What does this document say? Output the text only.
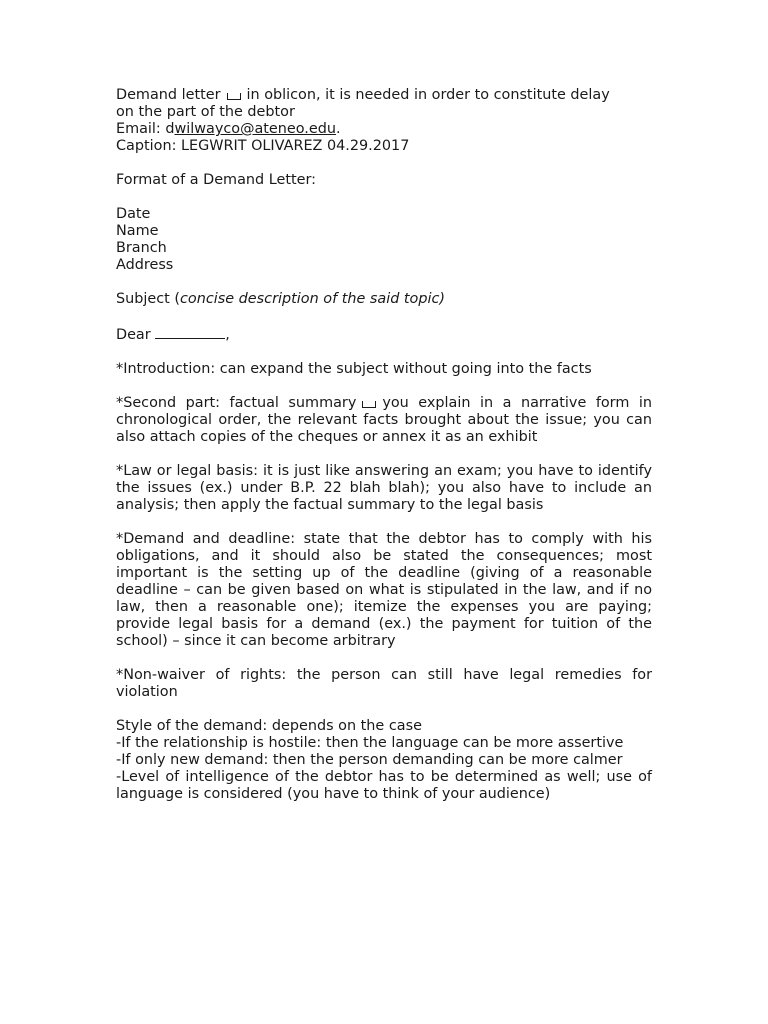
Demand letter in oblicon, it is needed in order to constitute delay

on the part of the debtor

Email: dwilwayco@ateneo.edu.

Caption: LEGWRIT OLIVAREZ 04.29.2017

Format of a Demand Letter:

Date

Name

Branch

Address

Subject (concise description of the said topic)

Dear	,

*Introduction: can expand the subject without going into the facts

*Second part: factual summary you explain in a narrative form in chronological order, the relevant facts brought about the issue; you can also attach copies of the cheques or annex it as an exhibit

*Law or legal basis: it is just like answering an exam; you have to identify the issues (ex.) under B.P. 22 blah blah); you also have to include an analysis; then apply the factual summary to the legal basis

*Demand and deadline: state that the debtor has to comply with his obligations, and it should also be stated the consequences; most important is the setting up of the deadline (giving of a reasonable deadline – can be given based on what is stipulated in the law, and if no law, then a reasonable one); itemize the expenses you are paying; provide legal basis for a demand (ex.) the payment for tuition of the school) – since it can become arbitrary

*Non-waiver of rights: the person can still have legal remedies for violation

Style of the demand: depends on the case

-If the relationship is hostile: then the language can be more assertive

-If only new demand: then the person demanding can be more calmer

-Level of intelligence of the debtor has to be determined as well; use of language is considered (you have to think of your audience)
